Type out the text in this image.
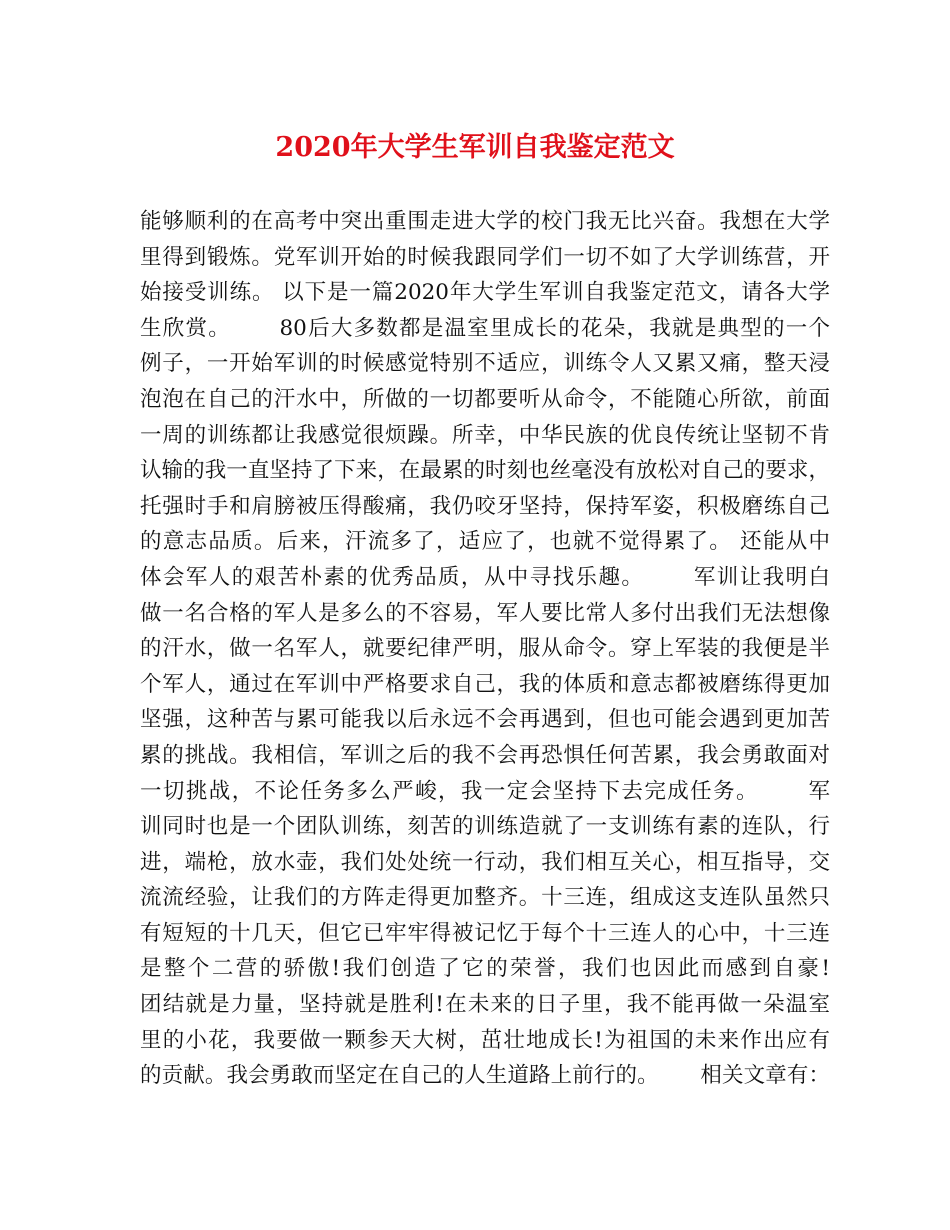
2020年大学生军训自我鉴定范文
能够顺利的在高考中突出重围走进大学的校门我无比兴奋。我想在大学
里得到锻炼。党军训开始的时候我跟同学们一切不如了大学训练营，开
始接受训练。 以下是一篇2020年大学生军训自我鉴定范文，请各大学
生欣赏。      80后大多数都是温室里成长的花朵，我就是典型的一个
例子，一开始军训的时候感觉特别不适应，训练令人又累又痛，整天浸
泡泡在自己的汗水中，所做的一切都要听从命令，不能随心所欲，前面
一周的训练都让我感觉很烦躁。所幸，中华民族的优良传统让坚韧不肯
认输的我一直坚持了下来，在最累的时刻也丝毫没有放松对自己的要求，
托强时手和肩膀被压得酸痛，我仍咬牙坚持，保持军姿，积极磨练自己
的意志品质。后来，汗流多了，适应了，也就不觉得累了。 还能从中
体会军人的艰苦朴素的优秀品质，从中寻找乐趣。      军训让我明白
做一名合格的军人是多么的不容易，军人要比常人多付出我们无法想像
的汗水，做一名军人，就要纪律严明，服从命令。穿上军装的我便是半
个军人，通过在军训中严格要求自己，我的体质和意志都被磨练得更加
坚强，这种苦与累可能我以后永远不会再遇到，但也可能会遇到更加苦
累的挑战。我相信，军训之后的我不会再恐惧任何苦累，我会勇敢面对
一切挑战，不论任务多么严峻，我一定会坚持下去完成任务。      军
训同时也是一个团队训练，刻苦的训练造就了一支训练有素的连队，行
进，端枪，放水壶，我们处处统一行动，我们相互关心，相互指导，交
流流经验，让我们的方阵走得更加整齐。十三连，组成这支连队虽然只
有短短的十几天，但它已牢牢得被记忆于每个十三连人的心中，十三连
是整个二营的骄傲!我们创造了它的荣誉，我们也因此而感到自豪!
团结就是力量，坚持就是胜利!在未来的日子里，我不能再做一朵温室
里的小花，我要做一颗参天大树，茁壮地成长!为祖国的未来作出应有
的贡献。我会勇敢而坚定在自己的人生道路上前行的。      相关文章有：
